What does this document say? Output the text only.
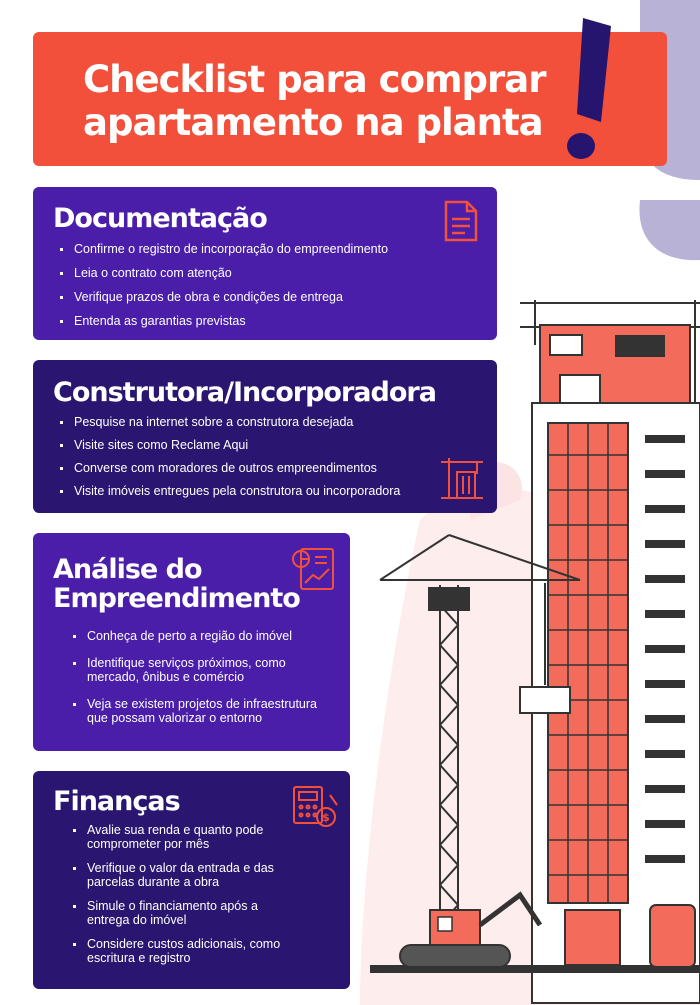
Checklist para comprar
apartamento na planta
Documentação
Confirme o registro de incorporação do empreendimento
Leia o contrato com atenção
Verifique prazos de obra e condições de entrega
Entenda as garantias previstas
Construtora/Incorporadora
Pesquise na internet sobre a construtora desejada
Visite sites como Reclame Aqui
Converse com moradores de outros empreendimentos
Visite imóveis entregues pela construtora ou incorporadora
Análise do Empreendimento
Conheça de perto a região do imóvel
Identifique serviços próximos, como mercado, ônibus e comércio
Veja se existem projetos de infraestrutura que possam valorizar o entorno
Finanças
Avalie sua renda e quanto pode comprometer por mês
Verifique o valor da entrada e das parcelas durante a obra
Simule o financiamento após a entrega do imóvel
Considere custos adicionais, como escritura e registro
$
